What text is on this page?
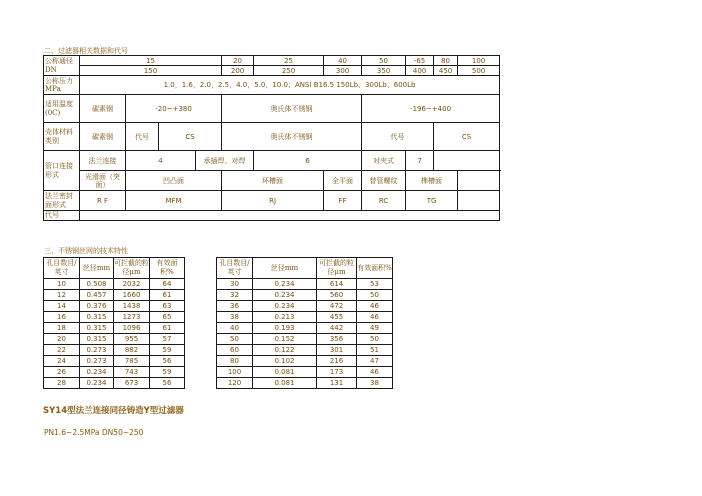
二、过滤器相关数据和代号
公称通径DN	15				20	25	40	50	-65	80	100
	150				200	250	300	350	400	450	500
公称压力MPa	1.0，1.6，2.0，2.5，4.0，5.0，10.0；ANSI B16.5 150Lb、300Lb、600Lb										
适用温度(0C)	碳素钢	-20~+380			奥氏体不锈钢			-196~+400			
壳体材料类别	碳素钢	代号	CS		奥氏体不锈钢			代号		CS	
管口连接形式	法兰连接	4		承插焊、对焊		6		对夹式	7		
	光滑面（突面）	凹凸面			环槽面		全平面	替管螺纹	榫槽面		
法兰密封面形式	R F	MFM			RJ		FF	RC	TG		
代号											
三、不锈钢丝网的技术特性
孔目数目/英寸	丝径mm	可拦截的粒径μm	有效面积%
10	0.508	2032	64
12	0.457	1660	61
14	0.376	1438	63
16	0.315	1273	65
18	0.315	1096	61
20	0.315	955	57
22	0.273	882	59
24	0.273	785	56
26	0.234	743	59
28	0.234	673	56
孔目数目/英寸	丝径mm	可拦截的粒径μm	有效面积%
30	0.234	614	53
32	0.234	560	50
36	0.234	472	46
38	0.213	455	46
40	0.193	442	49
50	0.152	356	50
60	0.122	301	51
80	0.102	216	47
100	0.081	173	46
120	0.081	131	38
SY14型法兰连接同径铸造Y型过滤器
PN1.6~2.5MPa DN50~250
